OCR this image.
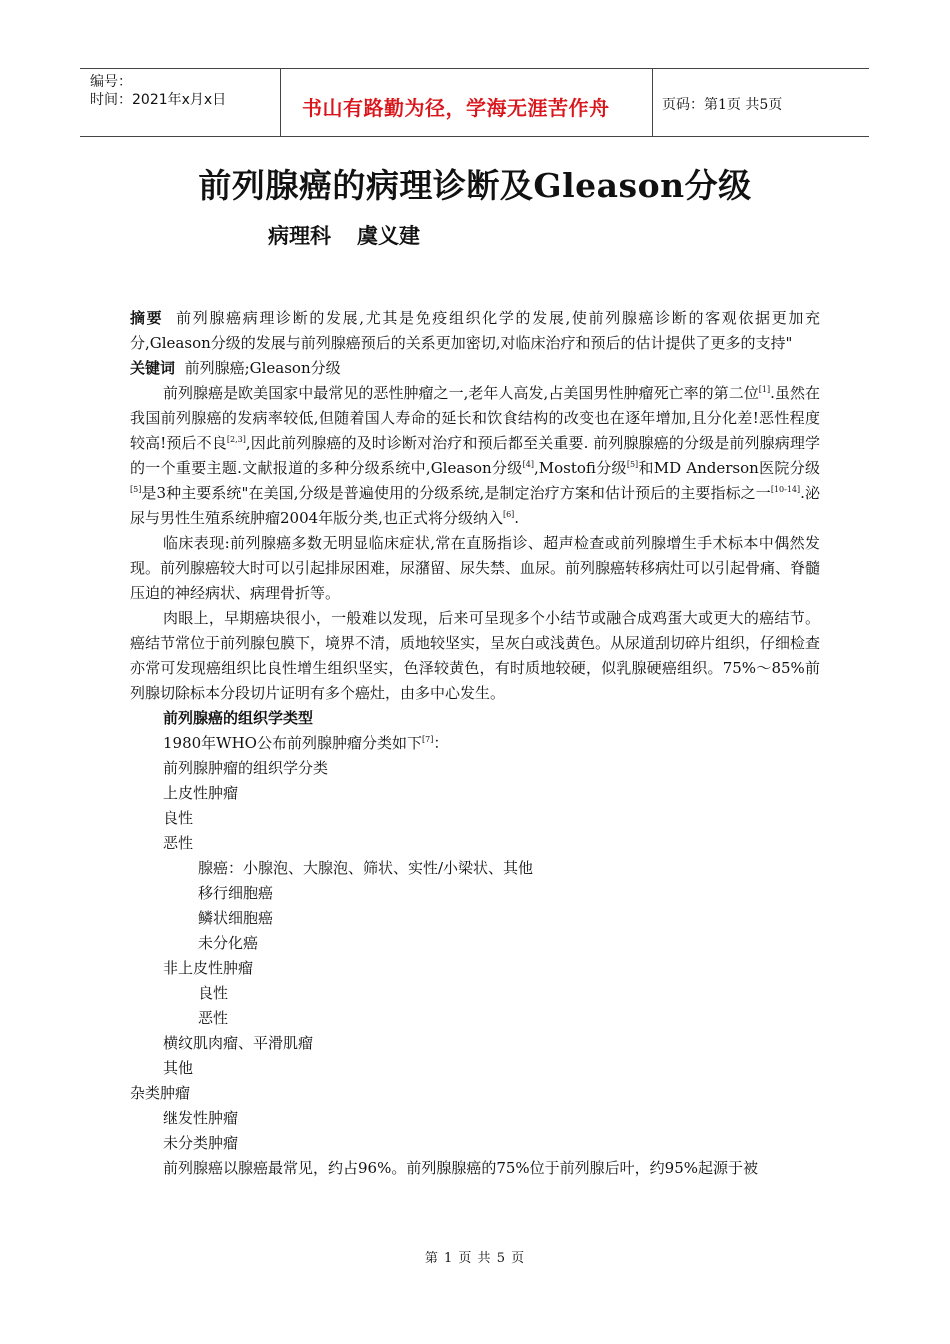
编号：
时间：2021年x月x日	书山有路勤为径，学海无涯苦作舟	页码：第1页 共5页
前列腺癌的病理诊断及Gleason分级
病理科 虞义建

摘要 前列腺癌病理诊断的发展,尤其是免疫组织化学的发展,使前列腺癌诊断的客观依据更加充分,Gleason分级的发展与前列腺癌预后的关系更加密切,对临床治疗和预后的估计提供了更多的支持"

关键词 前列腺癌;Gleason分级

前列腺癌是欧美国家中最常见的恶性肿瘤之一,老年人高发,占美国男性肿瘤死亡率的第二位[1].虽然在我国前列腺癌的发病率较低,但随着国人寿命的延长和饮食结构的改变也在逐年增加,且分化差!恶性程度较高!预后不良[2,3],因此前列腺癌的及时诊断对治疗和预后都至关重要. 前列腺腺癌的分级是前列腺病理学的一个重要主题.文献报道的多种分级系统中,Gleason分级[4],Mostofi分级[5]和MD Anderson医院分级[5]是3种主要系统"在美国,分级是普遍使用的分级系统,是制定治疗方案和估计预后的主要指标之一[10-14].泌尿与男性生殖系统肿瘤2004年版分类,也正式将分级纳入[6].

临床表现:前列腺癌多数无明显临床症状,常在直肠指诊、超声检查或前列腺增生手术标本中偶然发现。前列腺癌较大时可以引起排尿困难，尿潴留、尿失禁、血尿。前列腺癌转移病灶可以引起骨痛、脊髓压迫的神经病状、病理骨折等。

肉眼上，早期癌块很小，一般难以发现，后来可呈现多个小结节或融合成鸡蛋大或更大的癌结节。癌结节常位于前列腺包膜下，境界不清，质地较坚实，呈灰白或浅黄色。从尿道刮切碎片组织，仔细检查亦常可发现癌组织比良性增生组织坚实，色泽较黄色，有时质地较硬，似乳腺硬癌组织。75%～85%前列腺切除标本分段切片证明有多个癌灶，由多中心发生。

前列腺癌的组织学类型

1980年WHO公布前列腺肿瘤分类如下[7]：

前列腺肿瘤的组织学分类

上皮性肿瘤

良性

恶性

腺癌：小腺泡、大腺泡、筛状、实性/小梁状、其他

移行细胞癌

鳞状细胞癌

未分化癌

非上皮性肿瘤

良性

恶性

横纹肌肉瘤、平滑肌瘤

其他

杂类肿瘤

继发性肿瘤

未分类肿瘤

前列腺癌以腺癌最常见，约占96%。前列腺腺癌的75%位于前列腺后叶，约95%起源于被

第 1 页 共 5 页
